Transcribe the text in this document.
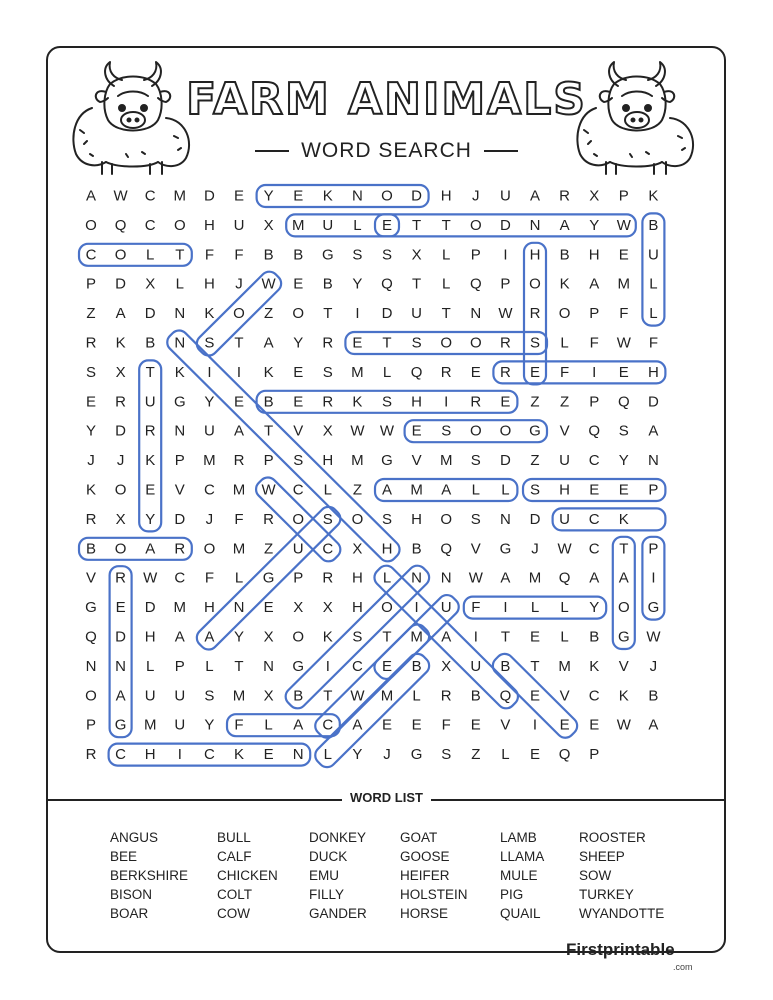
FARM ANIMALS
WORD SEARCH
A W C M D E Y E K N O D H J U A R X P K
O Q C O H U X M U L E T T O D N A Y W B
C O L T F F B B G S S X L P I H B H E U
P D X L H J W E B Y Q T L Q P O K A M L
Z A D N K O Z O T I D U T N W R O P F L
R K B N S T A Y R E T S O O R S L F W F
S X T K I I K E S M L Q R E R E F I E H
E R U G Y E B E R K S H I R E Z Z P Q D
Y D R N U A T V X W W E S O O G V Q S A
J J K P M R P S H M G V M S D Z U C Y N
K O E V C M W C L Z A M A L L S H E E P
R X Y D J F R O S O S H O S N D U C K
B O A R O M Z U C X H B Q V G J W C T P
V R W C F L G P R H L N N W A M Q A A I
G E D M H N E X X H O I U F I L L Y O G
Q D H A A Y X O K S T M A I T E L B G W
N N L P L T N G I C E B X U B T M K V J
O A U U S M X B T W M L R B Q E V C K B
P G M U Y F L A C A E E F E V I E E W A
R C H I C K E N L Y J G S Z L E Q P
WORD LIST
ANGUS
BEE
BERKSHIRE
BISON
BOAR
BULL
CALF
CHICKEN
COLT
COW
DONKEY
DUCK
EMU
FILLY
GANDER
GOAT
GOOSE
HEIFER
HOLSTEIN
HORSE
LAMB
LLAMA
MULE
PIG
QUAIL
ROOSTER
SHEEP
SOW
TURKEY
WYANDOTTE
Firstprintable
.com
